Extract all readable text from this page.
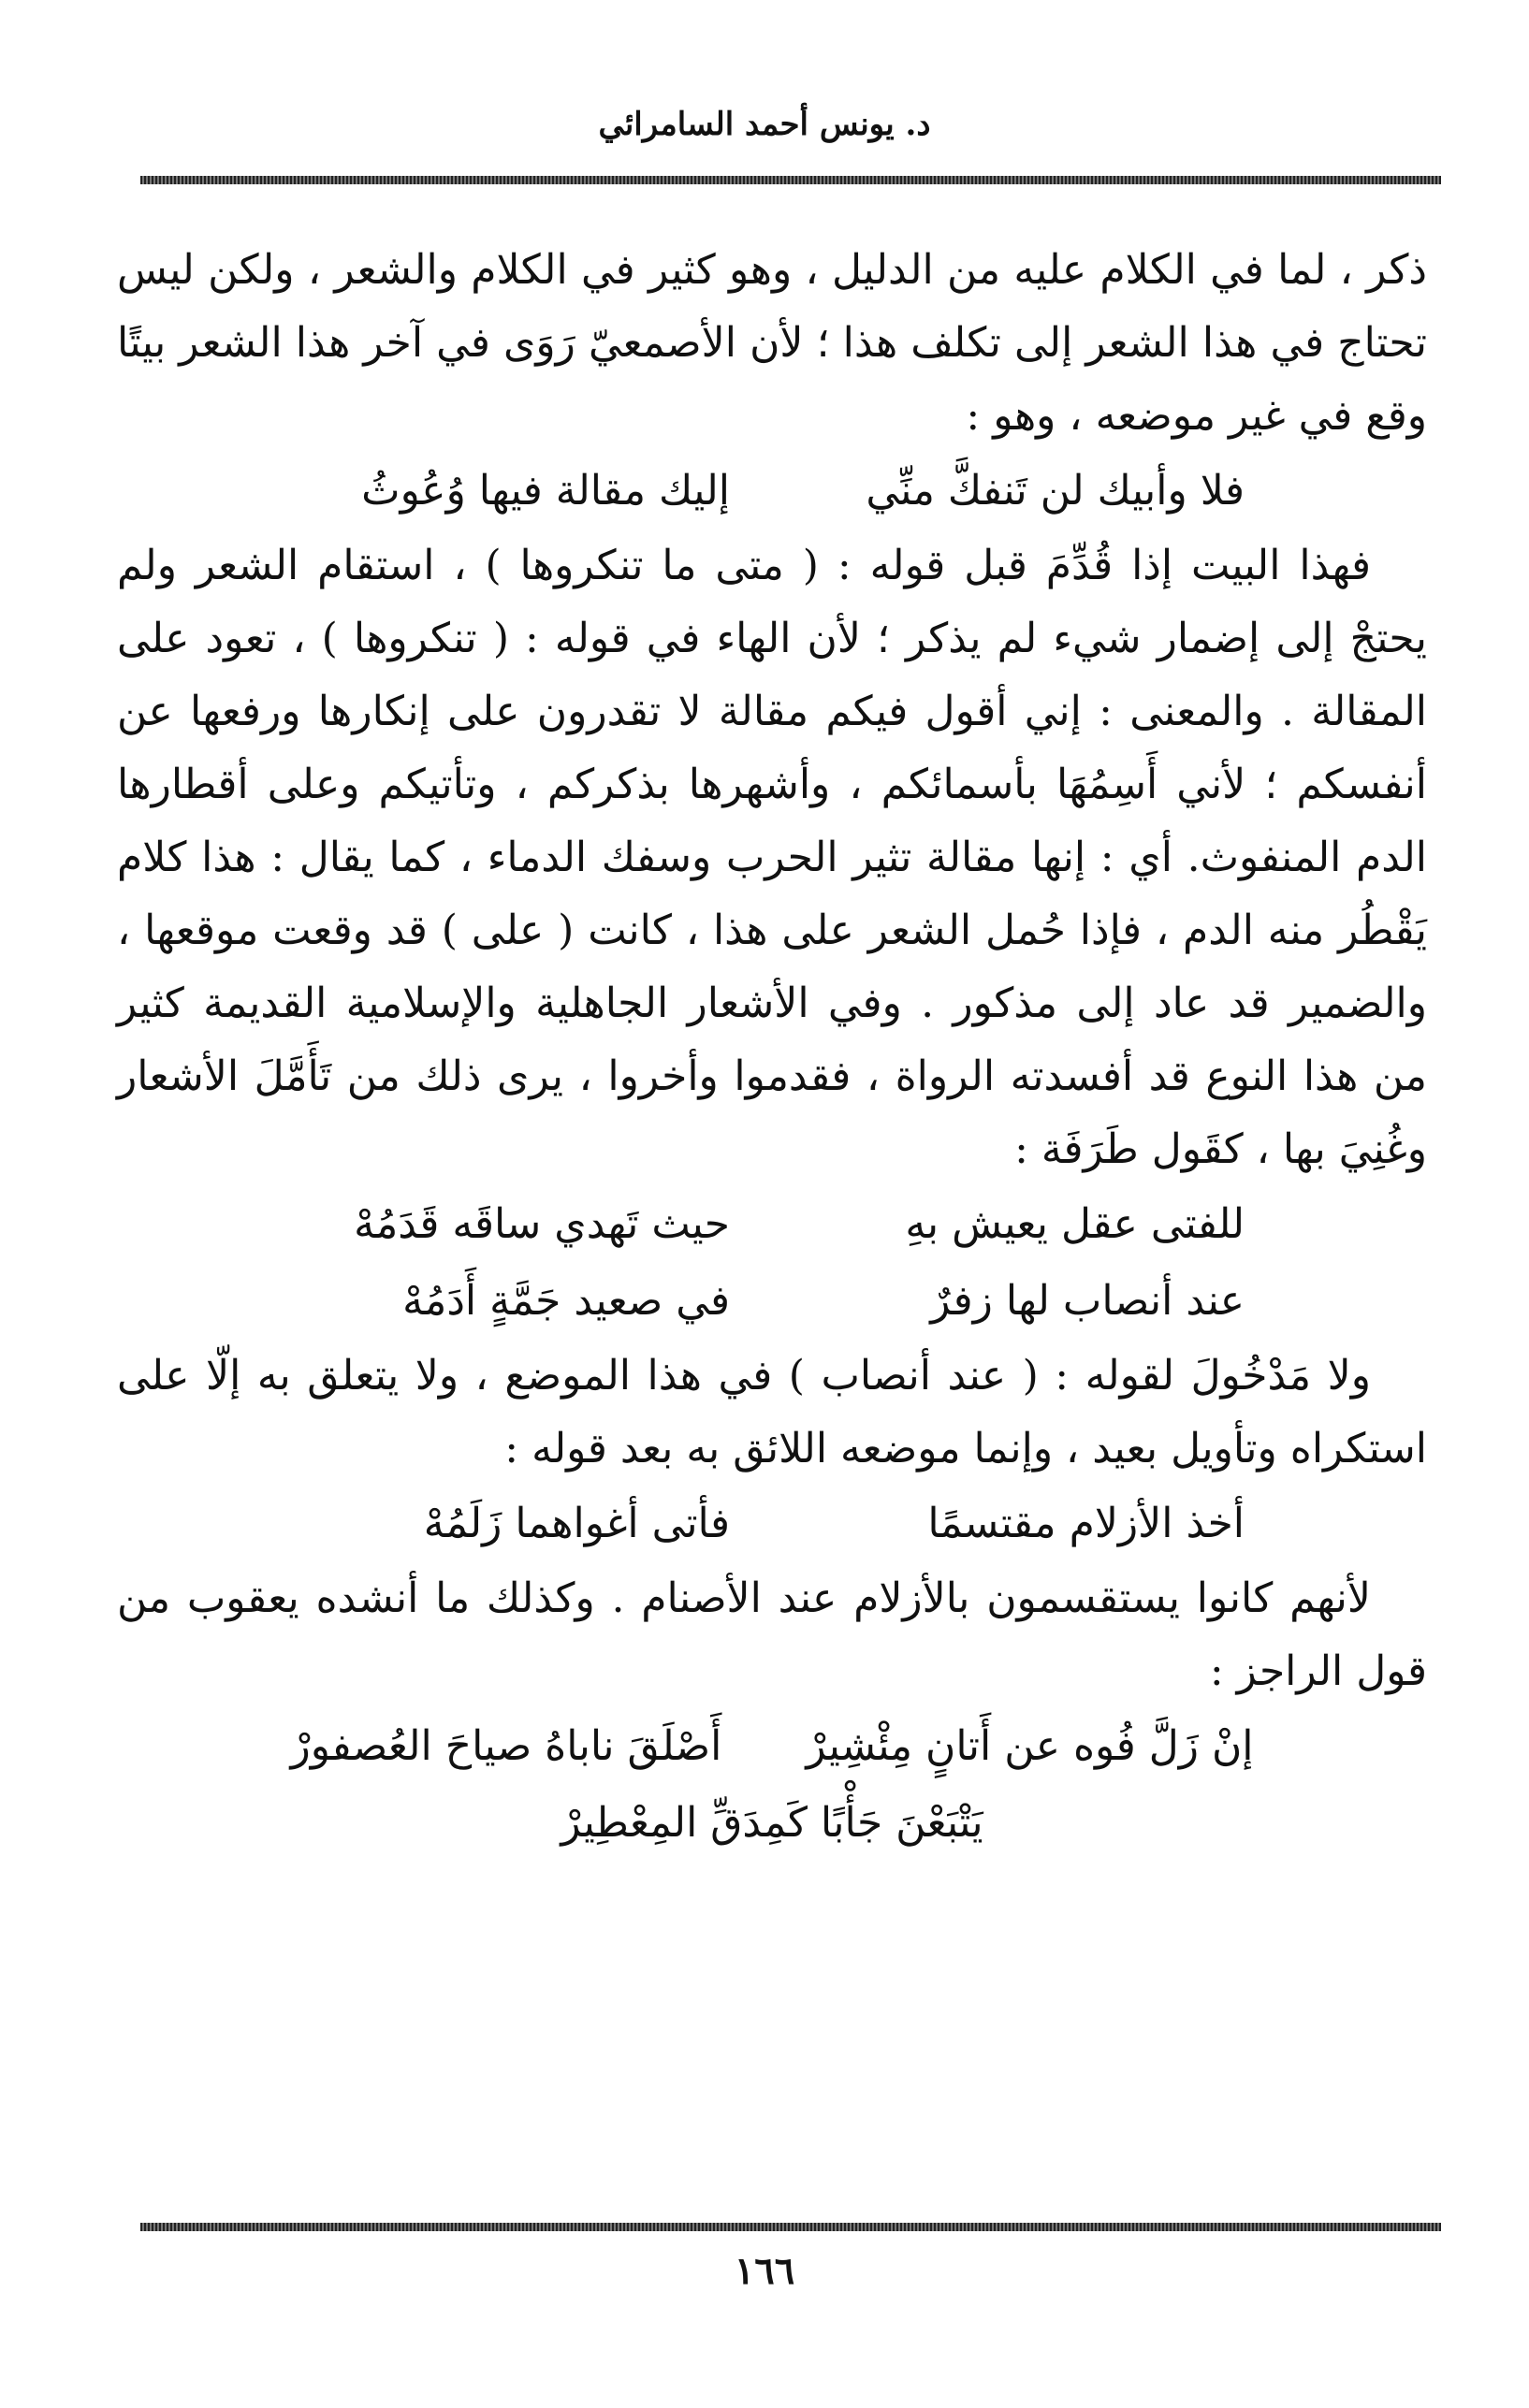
د. يونس أحمد السامرائي

ذكر ، لما في الكلام عليه من الدليل ، وهو كثير في الكلام والشعر ، ولكن ليس تحتاج في هذا الشعر إلى تكلف هذا ؛ لأن الأصمعيّ رَوَى في آخر هذا الشعر بيتًا وقع في غير موضعه ، وهو :

فلا وأبيك لن تَنفكَّ منِّي
إليك مقالة فيها وُعُوثُ

فهذا البيت إذا قُدِّمَ قبل قوله : ( متى ما تنكروها ) ، استقام الشعر ولم يحتجْ إلى إضمار شيء لم يذكر ؛ لأن الهاء في قوله : ( تنكروها ) ، تعود على المقالة . والمعنى : إني أقول فيكم مقالة لا تقدرون على إنكارها ورفعها عن أنفسكم ؛ لأني أَسِمُهَا بأسمائكم ، وأشهرها بذكركم ، وتأتيكم وعلى أقطارها الدم المنفوث. أي : إنها مقالة تثير الحرب وسفك الدماء ، كما يقال : هذا كلام يَقْطُر منه الدم ، فإذا حُمل الشعر على هذا ، كانت ( على ) قد وقعت موقعها ، والضمير قد عاد إلى مذكور . وفي الأشعار الجاهلية والإسلامية القديمة كثير من هذا النوع قد أفسدته الرواة ، فقدموا وأخروا ، يرى ذلك من تَأَمَّلَ الأشعار وغُنِيَ بها ، كقَول طَرَفَة :

للفتى عقل يعيش بهِ
حيث تَهدي ساقَه قَدَمُهْ
عند أنصاب لها زفرٌ
في صعيد جَمَّةٍ أَدَمُهْ

ولا مَدْخُولَ لقوله : ( عند أنصاب ) في هذا الموضع ، ولا يتعلق به إلّا على استكراه وتأويل بعيد ، وإنما موضعه اللائق به بعد قوله :

أخذ الأزلام مقتسمًا
فأتى أغواهما زَلَمُهْ

لأنهم كانوا يستقسمون بالأزلام عند الأصنام . وكذلك ما أنشده يعقوب من قول الراجز :

إنْ زَلَّ فُوه عن أَتانٍ مِئْشِيرْ
أَصْلَقَ ناباهُ صياحَ العُصفورْ
يَتْبَعْنَ جَأْبًا كَمِدَقِّ المِعْطِيرْ
١٦٦
